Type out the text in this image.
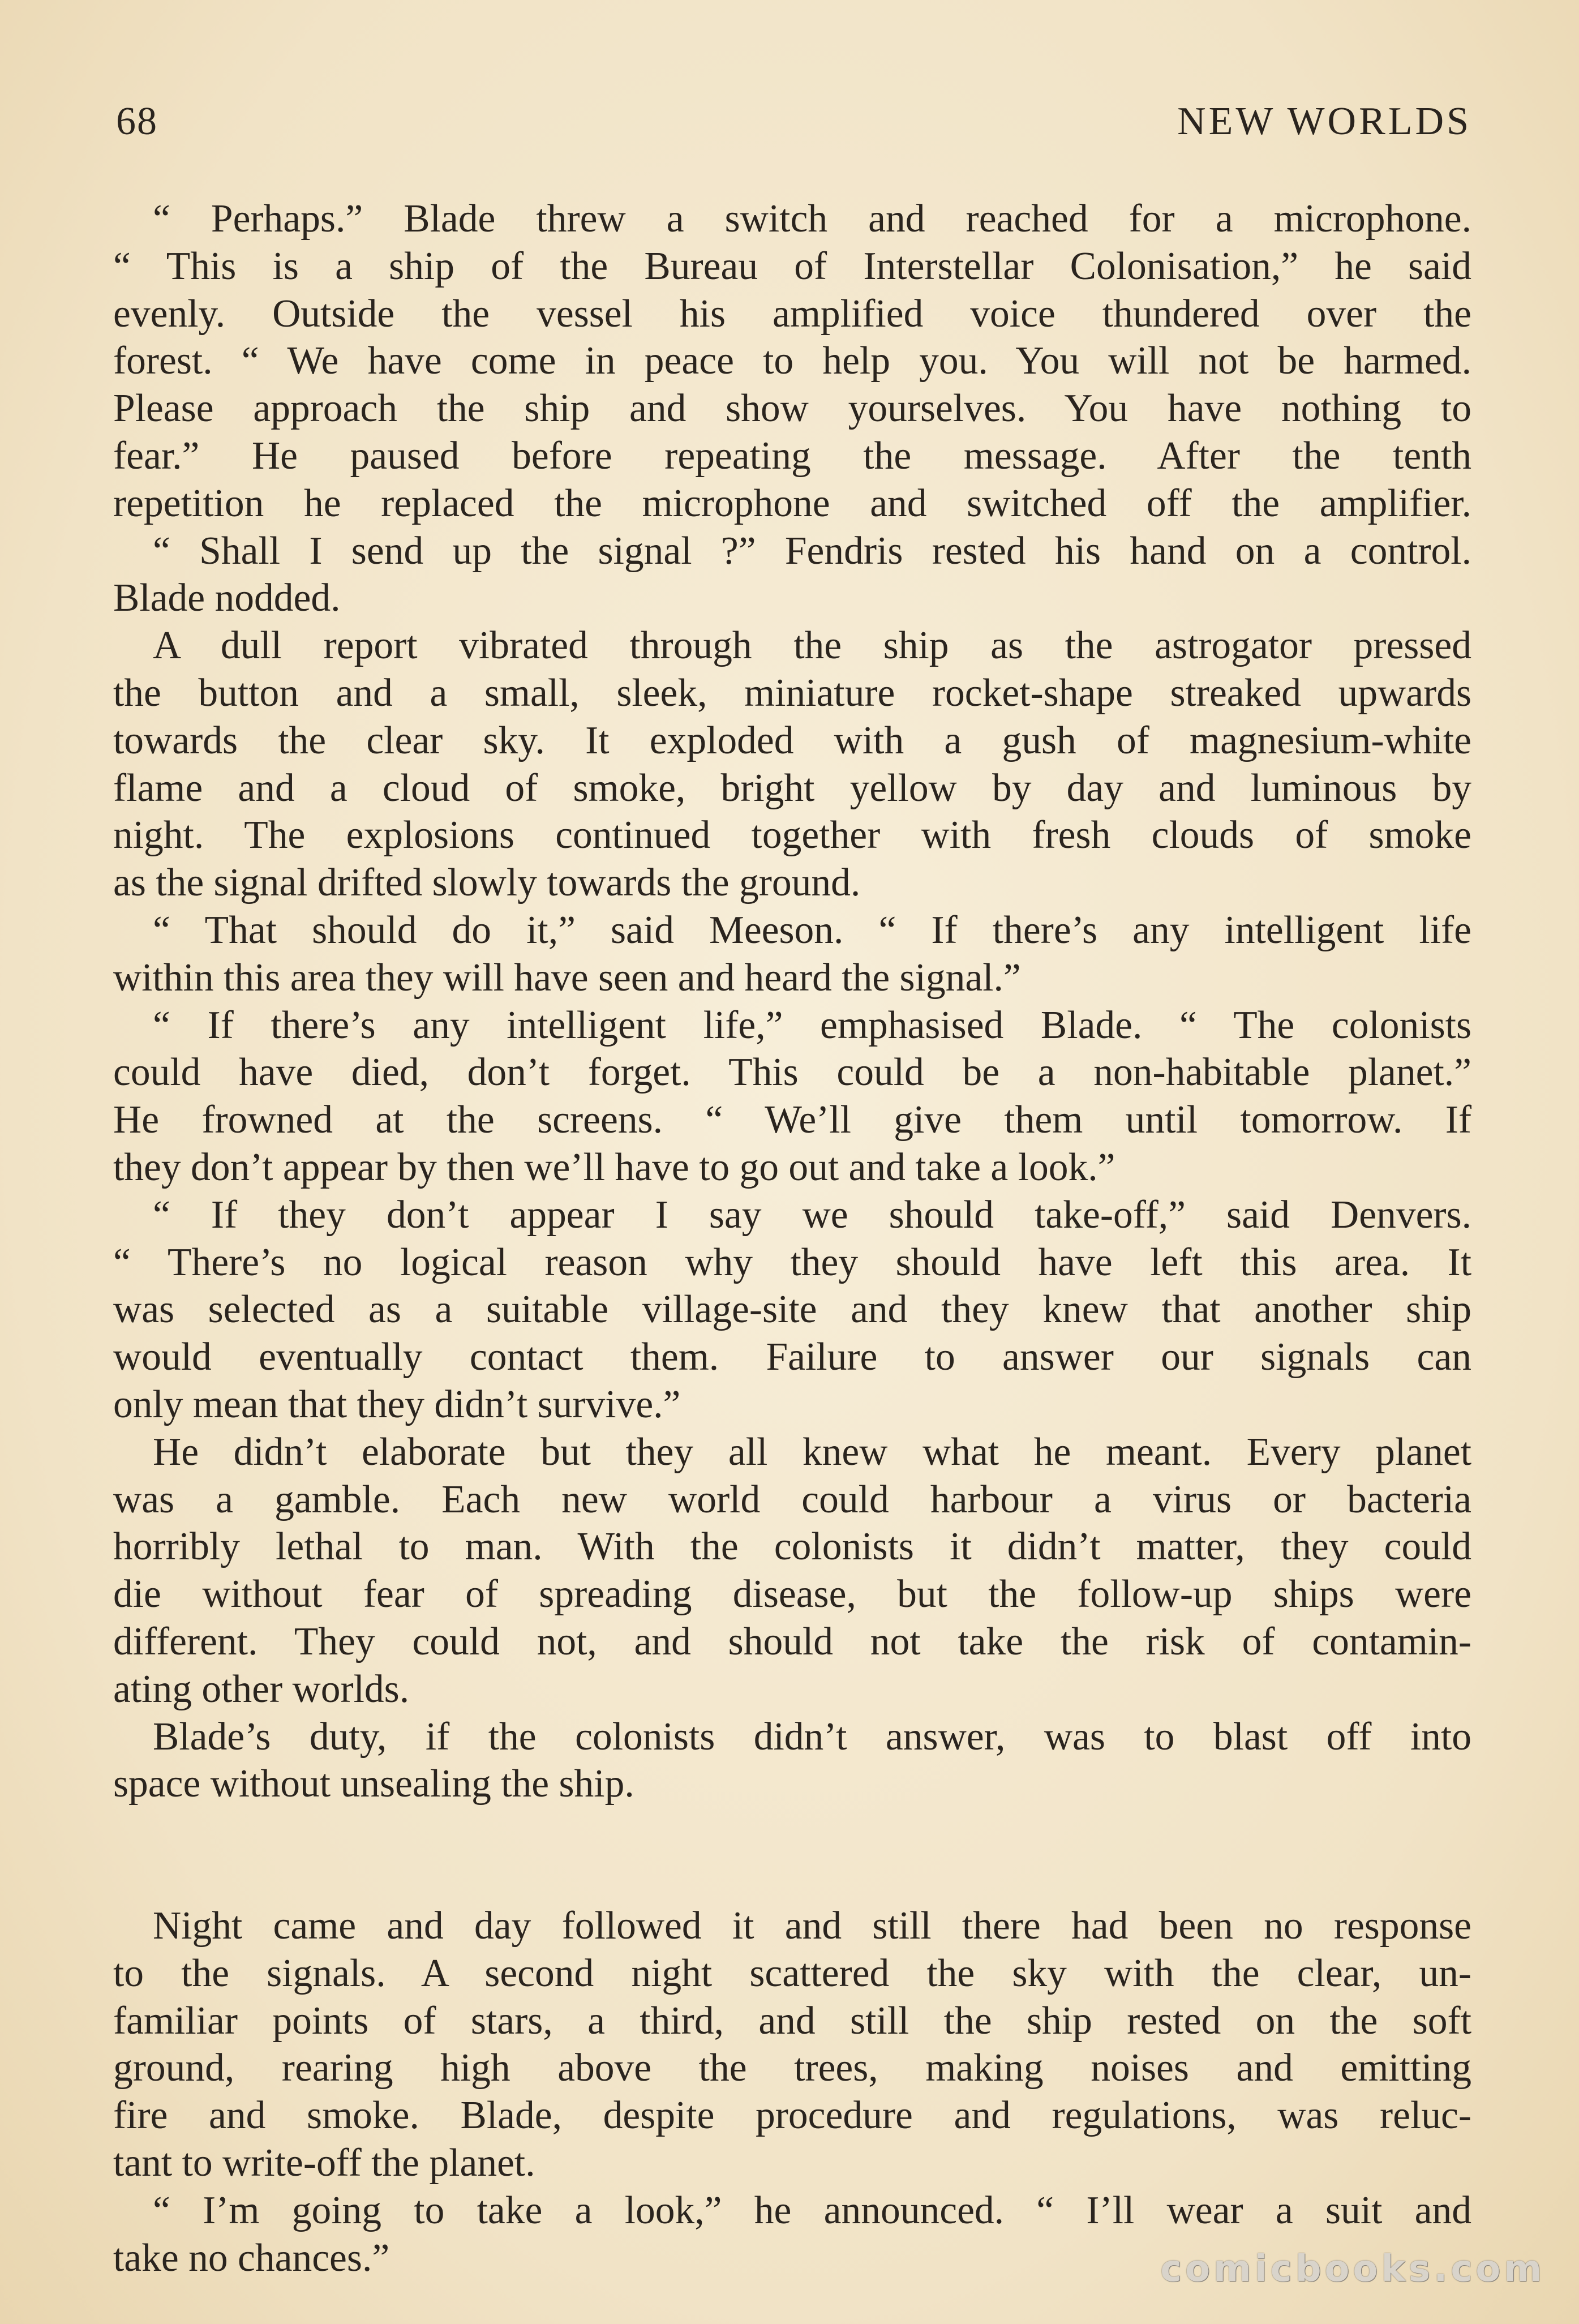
68	NEW WORLDS
“ Perhaps.” Blade threw a switch and reached for a microphone.
“ This is a ship of the Bureau of Interstellar Colonisation,” he said
evenly. Outside the vessel his amplified voice thundered over the
forest. “ We have come in peace to help you. You will not be harmed.
Please approach the ship and show yourselves. You have nothing to
fear.” He paused before repeating the message. After the tenth
repetition he replaced the microphone and switched off the amplifier.
“ Shall I send up the signal ?” Fendris rested his hand on a control.
Blade nodded.
A dull report vibrated through the ship as the astrogator pressed
the button and a small, sleek, miniature rocket-shape streaked upwards
towards the clear sky. It exploded with a gush of magnesium-white
flame and a cloud of smoke, bright yellow by day and luminous by
night. The explosions continued together with fresh clouds of smoke
as the signal drifted slowly towards the ground.
“ That should do it,” said Meeson. “ If there’s any intelligent life
within this area they will have seen and heard the signal.”
“ If there’s any intelligent life,” emphasised Blade. “ The colonists
could have died, don’t forget. This could be a non-habitable planet.”
He frowned at the screens. “ We’ll give them until tomorrow. If
they don’t appear by then we’ll have to go out and take a look.”
“ If they don’t appear I say we should take-off,” said Denvers.
“ There’s no logical reason why they should have left this area. It
was selected as a suitable village-site and they knew that another ship
would eventually contact them. Failure to answer our signals can
only mean that they didn’t survive.”
He didn’t elaborate but they all knew what he meant. Every planet
was a gamble. Each new world could harbour a virus or bacteria
horribly lethal to man. With the colonists it didn’t matter, they could
die without fear of spreading disease, but the follow-up ships were
different. They could not, and should not take the risk of contamin-
ating other worlds.
Blade’s duty, if the colonists didn’t answer, was to blast off into
space without unsealing the ship.
Night came and day followed it and still there had been no response
to the signals. A second night scattered the sky with the clear, un-
familiar points of stars, a third, and still the ship rested on the soft
ground, rearing high above the trees, making noises and emitting
fire and smoke. Blade, despite procedure and regulations, was reluc-
tant to write-off the planet.
“ I’m going to take a look,” he announced. “ I’ll wear a suit and
take no chances.”	comicbooks.com
